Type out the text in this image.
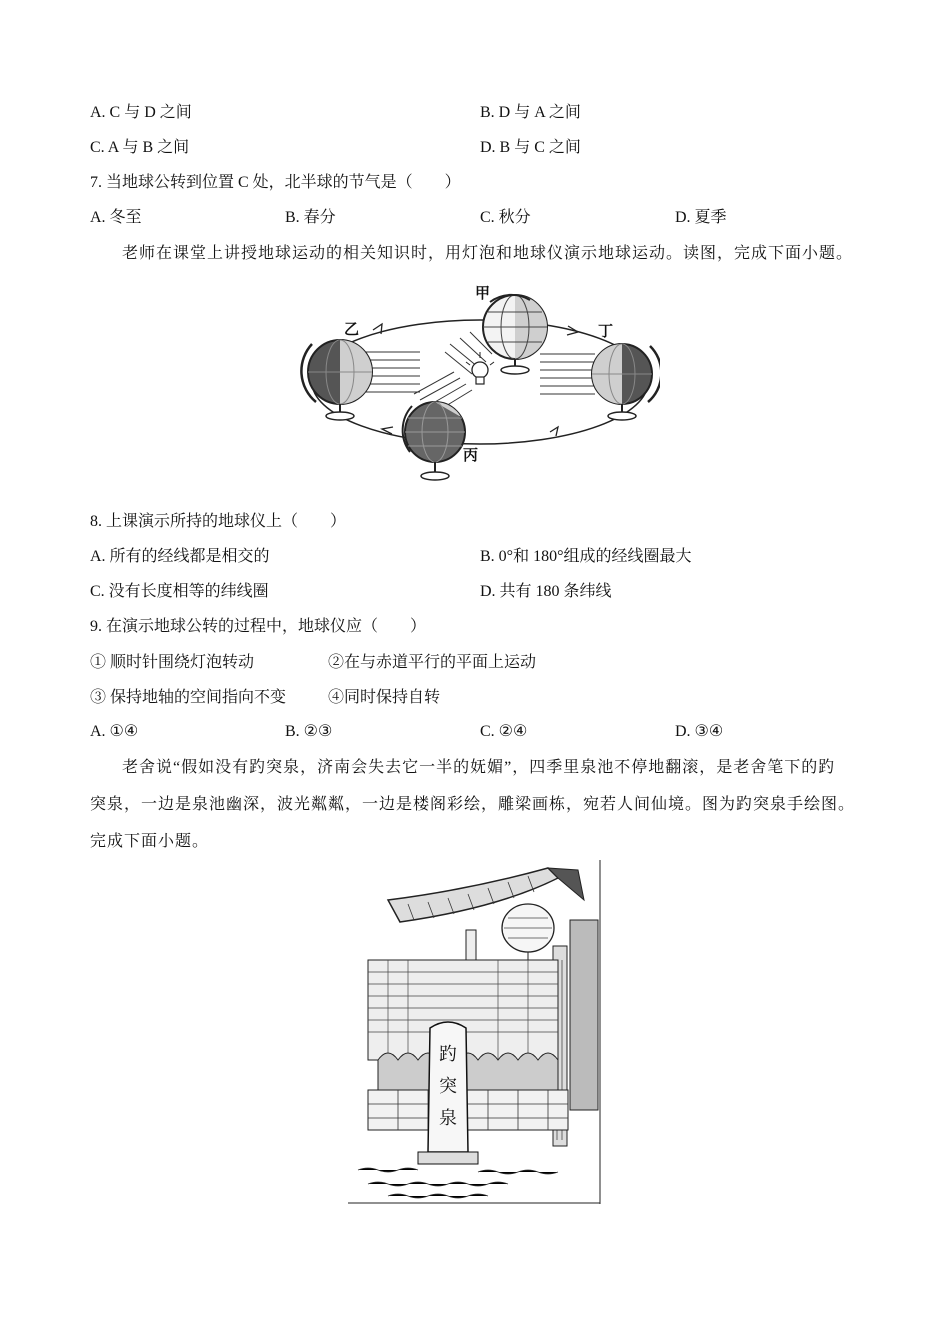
A. C 与 D 之间	B. D 与 A 之间
C. A 与 B 之间	D. B 与 C 之间
7. 当地球公转到位置 C 处，北半球的节气是（　　）
A. 冬至	B. 春分	C. 秋分	D. 夏季
老师在课堂上讲授地球运动的相关知识时，用灯泡和地球仪演示地球运动。读图，完成下面小题。
甲
乙
丙
丁
8. 上课演示所持的地球仪上（　　）
A. 所有的经线都是相交的	B. 0°和 180°组成的经线圈最大
C. 没有长度相等的纬线圈	D. 共有 180 条纬线
9. 在演示地球公转的过程中，地球仪应（　　）
① 顺时针围绕灯泡转动	②在与赤道平行的平面上运动
③ 保持地轴的空间指向不变	④同时保持自转
A. ①④	B. ②③	C. ②④	D. ③④
老舍说“假如没有趵突泉，济南会失去它一半的妩媚”，四季里泉池不停地翻滚，是老舍笔下的趵
突泉，一边是泉池幽深，波光粼粼，一边是楼阁彩绘，雕梁画栋，宛若人间仙境。图为趵突泉手绘图。
完成下面小题。
趵
突
泉
